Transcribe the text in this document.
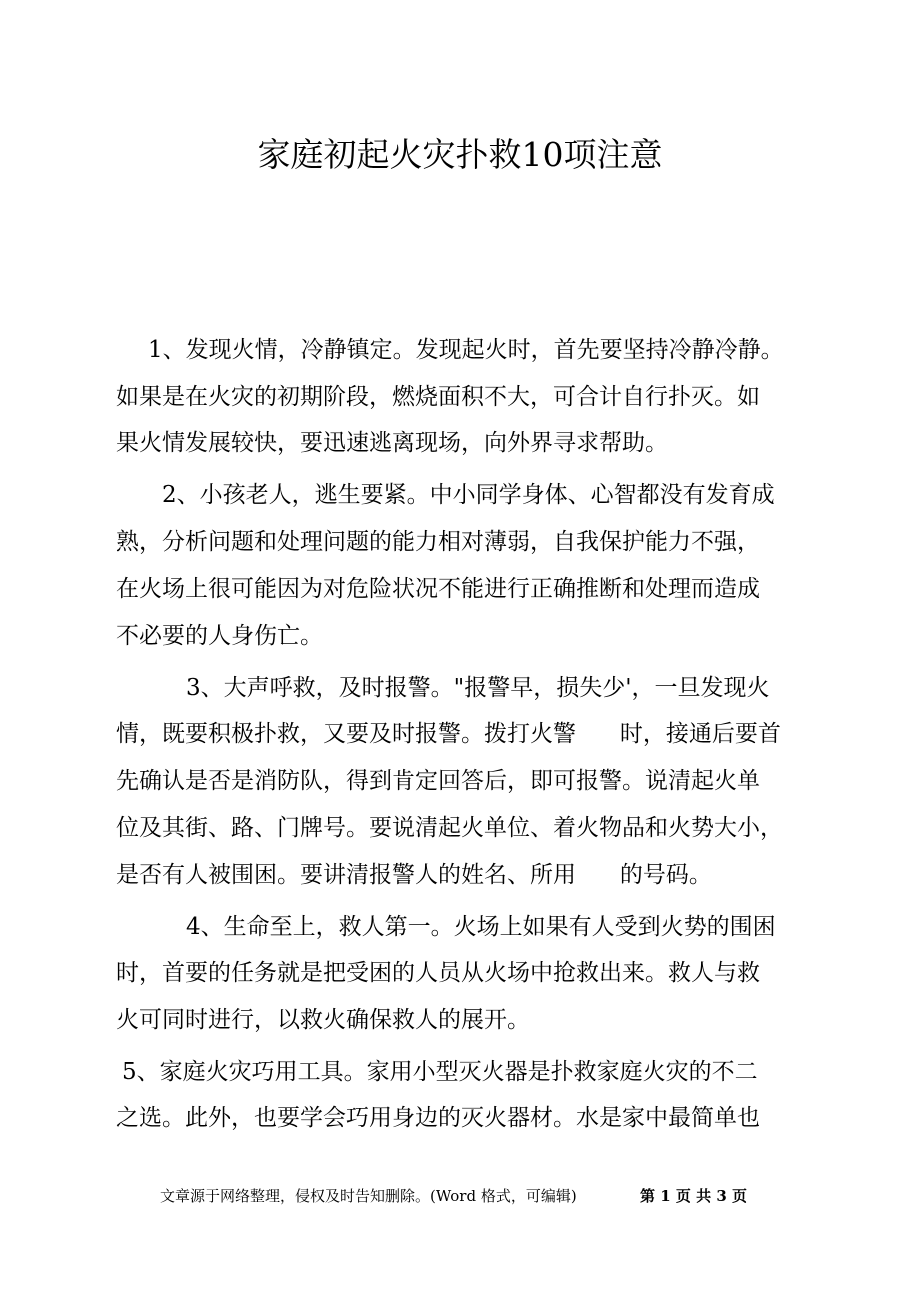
家庭初起火灾扑救10项注意
1、发现火情，冷静镇定。发现起火时，首先要坚持冷静冷静。
如果是在火灾的初期阶段，燃烧面积不大，可合计自行扑灭。如
果火情发展较快，要迅速逃离现场，向外界寻求帮助。
2、小孩老人，逃生要紧。中小同学身体、心智都没有发育成
熟，分析问题和处理问题的能力相对薄弱，自我保护能力不强，
在火场上很可能因为对危险状况不能进行正确推断和处理而造成
不必要的人身伤亡。
3、大声呼救，及时报警。"报警早，损失少'，一旦发现火
情，既要积极扑救，又要及时报警。拨打火警      时，接通后要首
先确认是否是消防队，得到肯定回答后，即可报警。说清起火单
位及其街、路、门牌号。要说清起火单位、着火物品和火势大小，
是否有人被围困。要讲清报警人的姓名、所用      的号码。
4、生命至上，救人第一。火场上如果有人受到火势的围困
时，首要的任务就是把受困的人员从火场中抢救出来。救人与救
火可同时进行，以救火确保救人的展开。
5、家庭火灾巧用工具。家用小型灭火器是扑救家庭火灾的不二
之选。此外，也要学会巧用身边的灭火器材。水是家中最简单也
文章源于网络整理，侵权及时告知删除。(Word 格式，可编辑)	第 1 页 共 3 页
